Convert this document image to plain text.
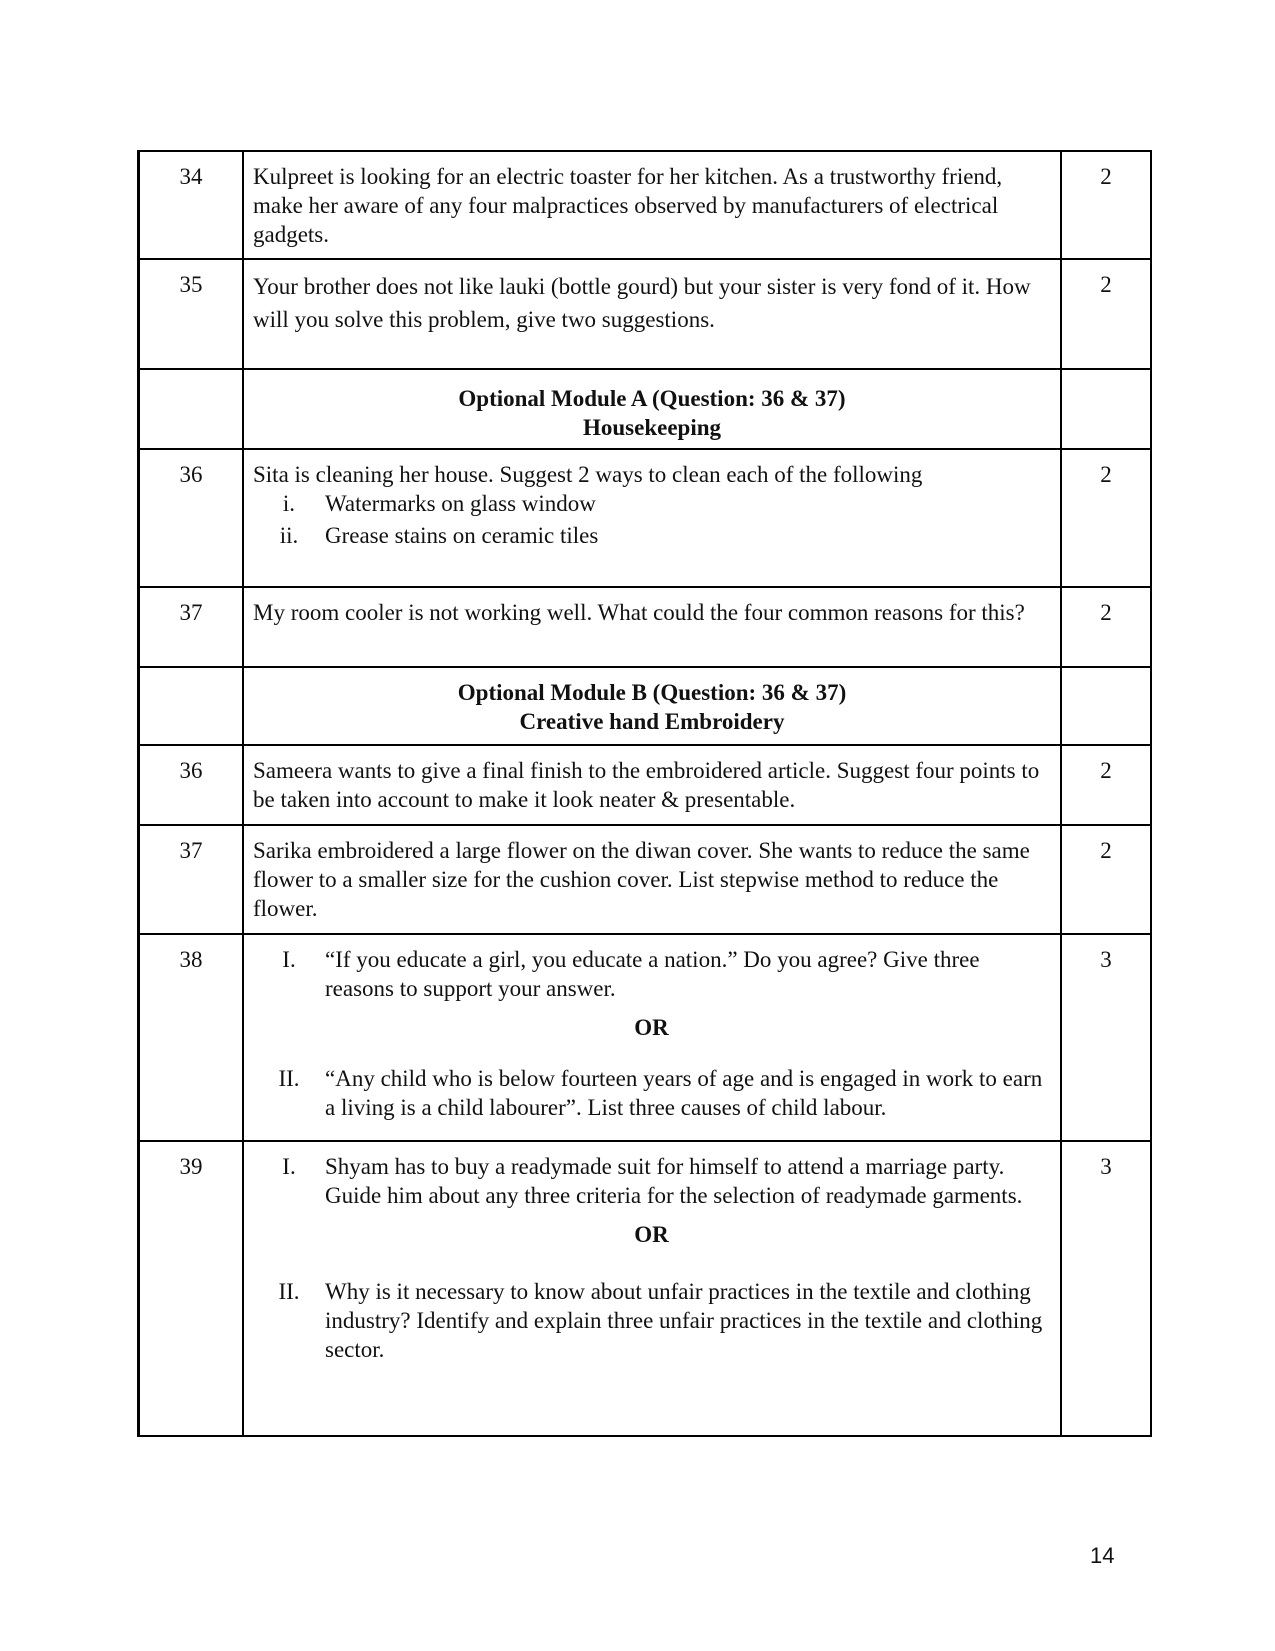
34	Kulpreet is looking for an electric toaster for her kitchen. As a trustworthy friend, make her aware of any four malpractices observed by manufacturers of electrical gadgets.	2
35	Your brother does not like lauki (bottle gourd) but your sister is very fond of it. How will you solve this problem, give two suggestions.	2

	Optional Module A (Question: 36 & 37)
Housekeeping	

36	Sita is cleaning her house. Suggest 2 ways to clean each of the following

i. Watermarks on glass window
ii. Grease stains on ceramic tiles	2
37	My room cooler is not working well. What could the four common reasons for this?	2

	Optional Module B (Question: 36 & 37)
Creative hand Embroidery	

36	Sameera wants to give a final finish to the embroidered article. Suggest four points to be taken into account to make it look neater & presentable.	2
37	Sarika embroidered a large flower on the diwan cover. She wants to reduce the same flower to a smaller size for the cushion cover. List stepwise method to reduce the flower.	2
38	I. “If you educate a girl, you educate a nation.” Do you agree? Give three reasons to support your answer.
OR
II. “Any child who is below fourteen years of age and is engaged in work to earn a living is a child labourer”. List three causes of child labour.	3
39	I. Shyam has to buy a readymade suit for himself to attend a marriage party. Guide him about any three criteria for the selection of readymade garments.
OR
II. Why is it necessary to know about unfair practices in the textile and clothing industry? Identify and explain three unfair practices in the textile and clothing sector.	3
14
